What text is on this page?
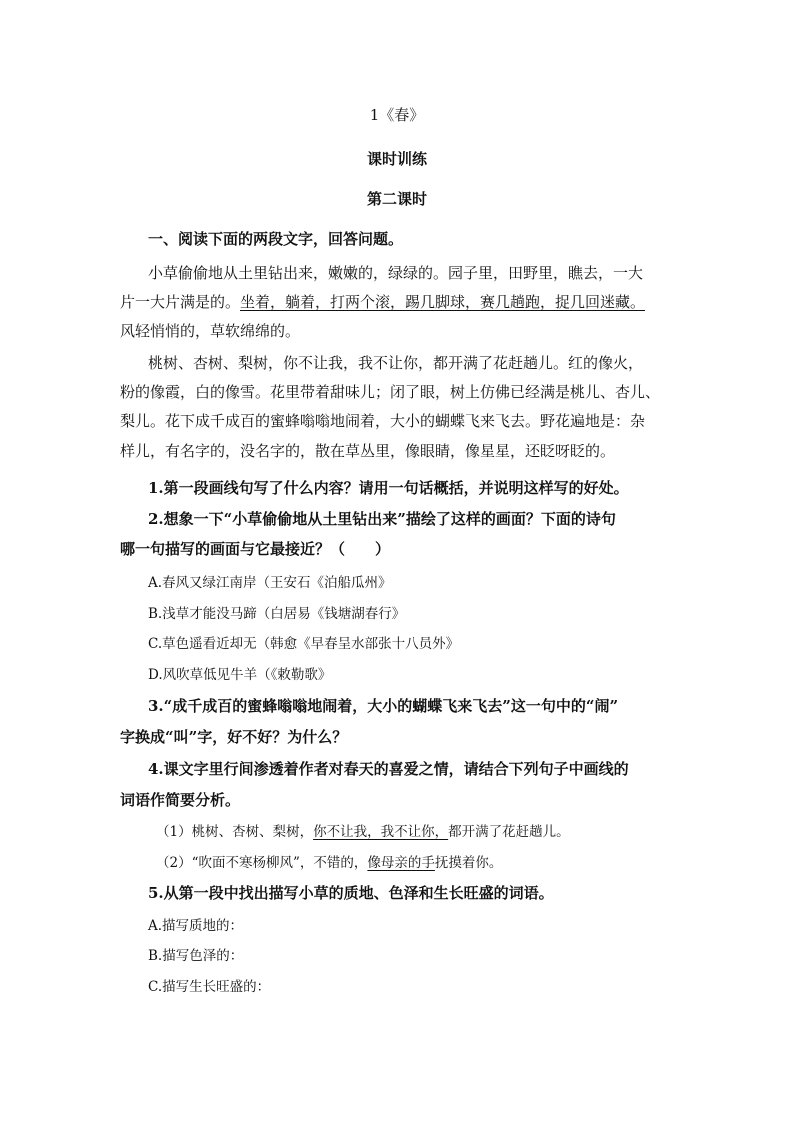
1《春》
课时训练
第二课时
一、阅读下面的两段文字，回答问题。
小草偷偷地从土里钻出来，嫩嫩的，绿绿的。园子里，田野里，瞧去，一大
片一大片满是的。坐着，躺着，打两个滚，踢几脚球，赛几趟跑，捉几回迷藏。
风轻悄悄的，草软绵绵的。
桃树、杏树、梨树，你不让我，我不让你，都开满了花赶趟儿。红的像火，
粉的像霞，白的像雪。花里带着甜味儿；闭了眼，树上仿佛已经满是桃儿、杏儿、
梨儿。花下成千成百的蜜蜂嗡嗡地闹着，大小的蝴蝶飞来飞去。野花遍地是：杂
样儿，有名字的，没名字的，散在草丛里，像眼睛，像星星，还眨呀眨的。
1.第一段画线句写了什么内容？请用一句话概括，并说明这样写的好处。
2.想象一下“小草偷偷地从土里钻出来”描绘了这样的画面？下面的诗句
哪一句描写的画面与它最接近？（　　）
A.春风又绿江南岸（王安石《泊船瓜州》
B.浅草才能没马蹄（白居易《钱塘湖春行》
C.草色遥看近却无（韩愈《早春呈水部张十八员外》
D.风吹草低见牛羊（《敕勒歌》
3.“成千成百的蜜蜂嗡嗡地闹着，大小的蝴蝶飞来飞去”这一句中的“闹”
字换成“叫”字，好不好？为什么？
4.课文字里行间渗透着作者对春天的喜爱之情，请结合下列句子中画线的
词语作简要分析。
（1）桃树、杏树、梨树，你不让我，我不让你，都开满了花赶趟儿。
（2）“吹面不寒杨柳风”，不错的，像母亲的手抚摸着你。
5.从第一段中找出描写小草的质地、色泽和生长旺盛的词语。
A.描写质地的：
B.描写色泽的：
C.描写生长旺盛的：
